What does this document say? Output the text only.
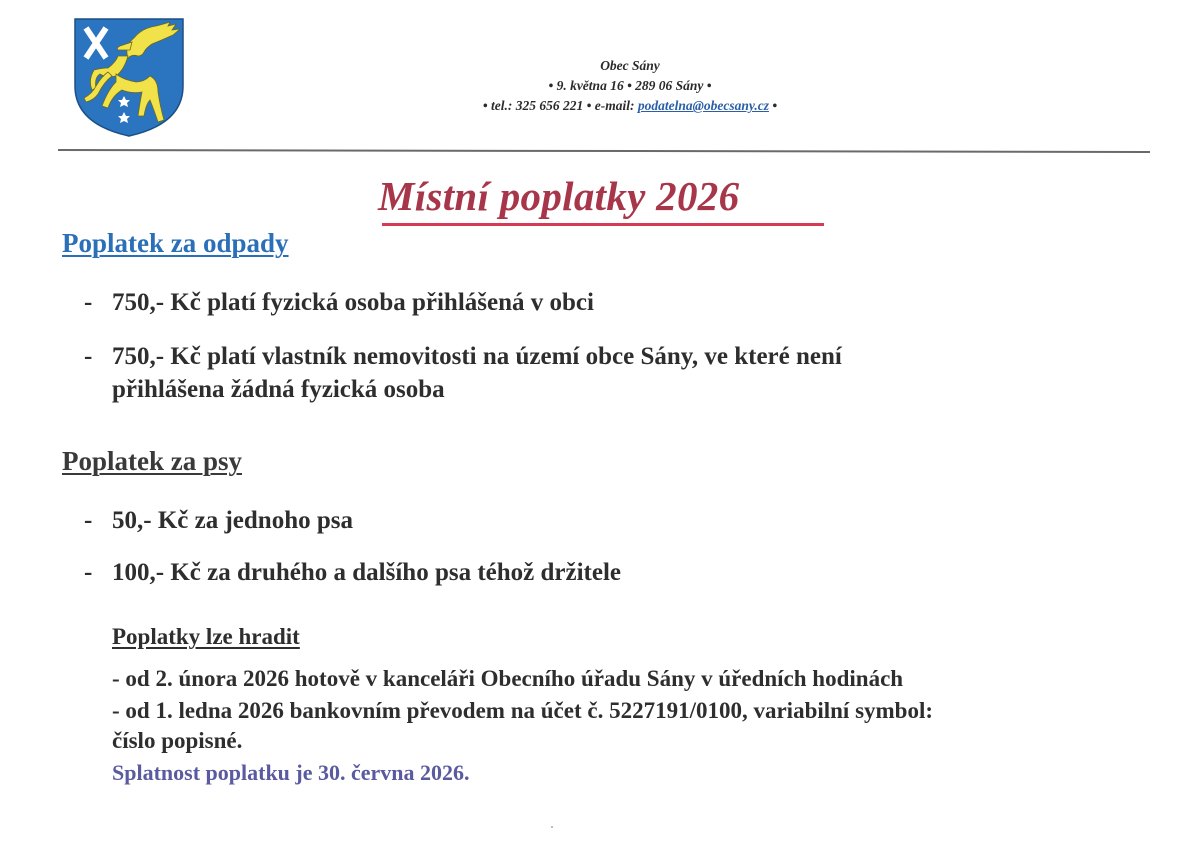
Obec Sány
• 9. května 16 • 289 06 Sány •
• tel.: 325 656 221 • e-mail: podatelna@obecsany.cz •
Místní poplatky 2026
Poplatek za odpady
- 750,- Kč platí fyzická osoba přihlášená v obci
- 750,- Kč platí vlastník nemovitosti na území obce Sány, ve které není
přihlášena žádná fyzická osoba
Poplatek za psy
- 50,- Kč za jednoho psa
- 100,- Kč za druhého a dalšího psa téhož držitele
Poplatky lze hradit
- od 2. února 2026 hotově v kanceláři Obecního úřadu Sány v úředních hodinách
- od 1. ledna 2026 bankovním převodem na účet č. 5227191/0100, variabilní symbol:
číslo popisné.
Splatnost poplatku je 30. června 2026.
